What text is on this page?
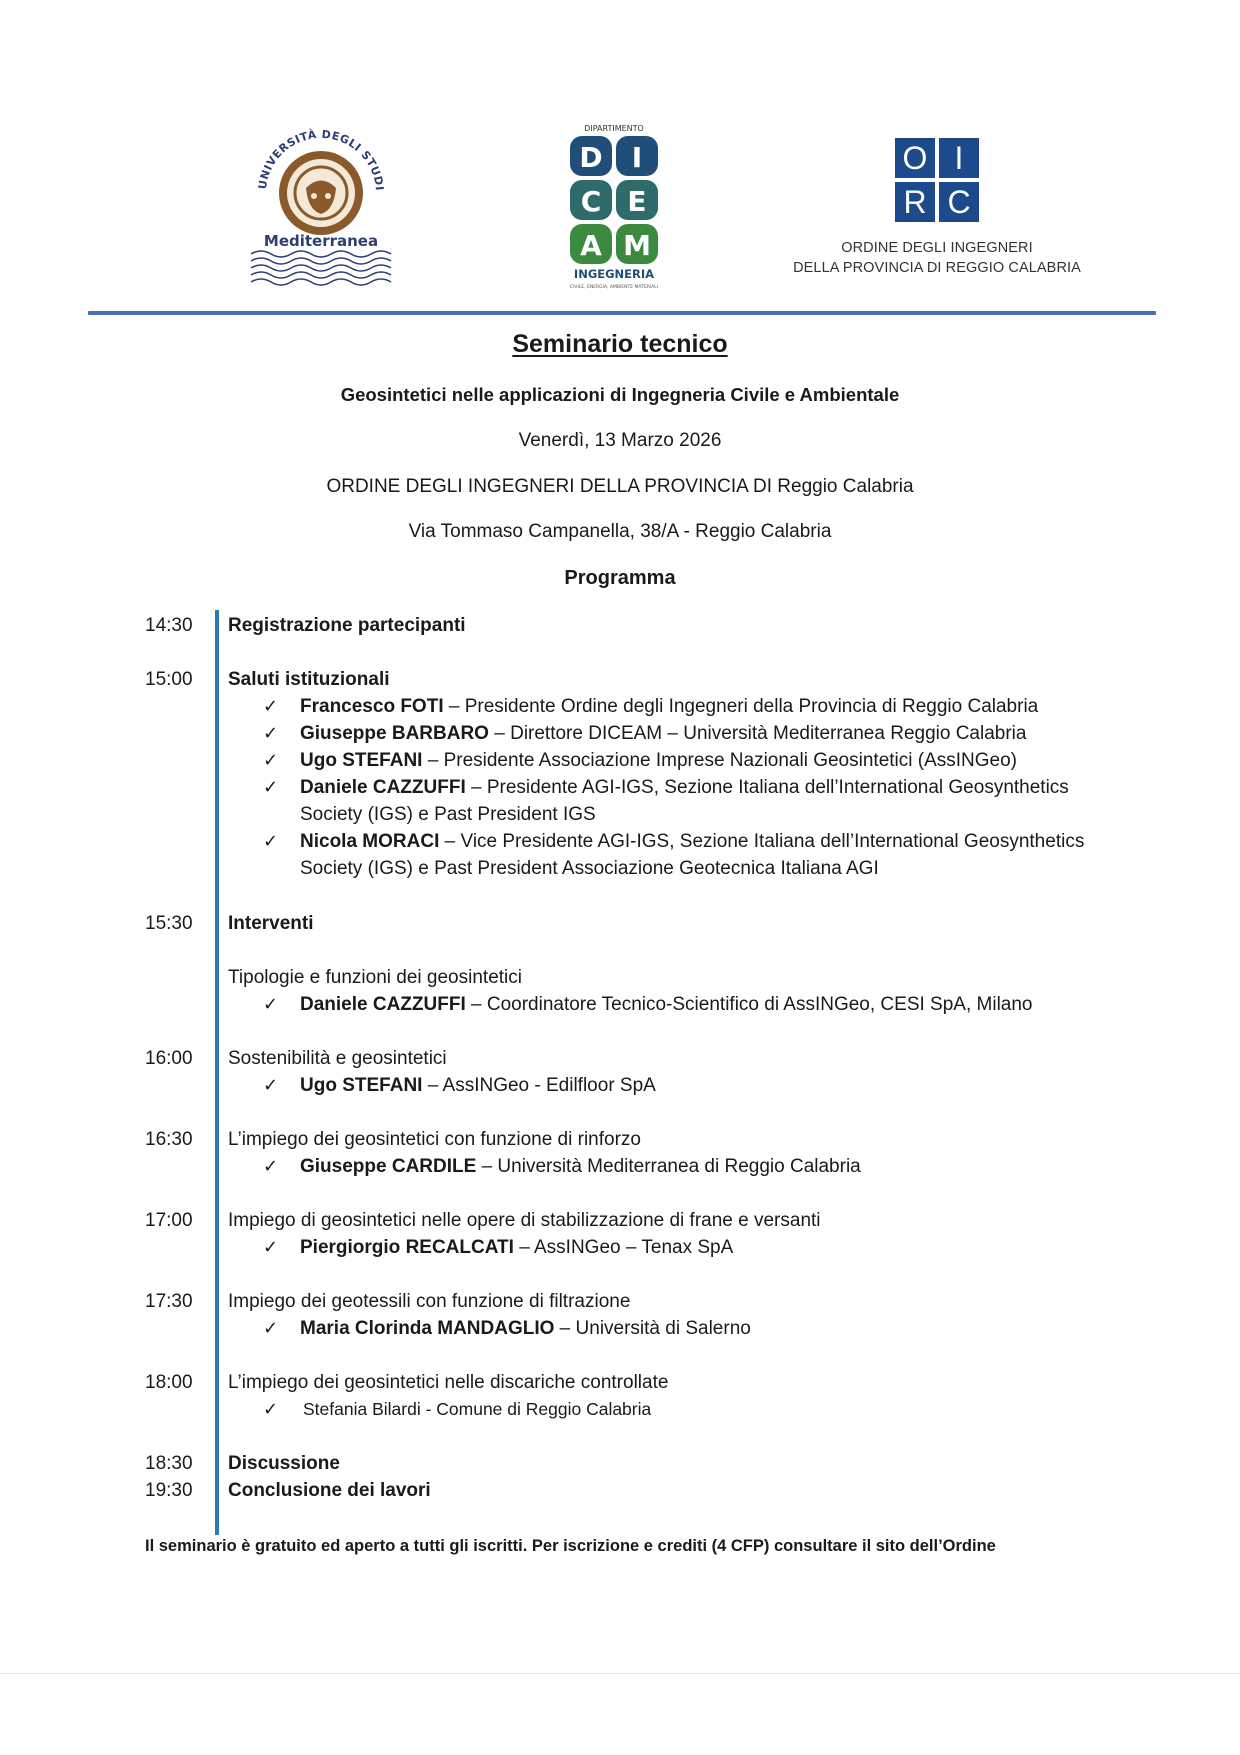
UNIVERSITÀ DEGLI STUDI
Mediterranea
DIPARTIMENTO
D I
C E
A M
INGEGNERIA
CIVILE, ENERGIA, AMBIENTE MATERIALI
O I
R C
ORDINE DEGLI INGEGNERI
DELLA PROVINCIA DI REGGIO CALABRIA
Seminario tecnico
Geosintetici nelle applicazioni di Ingegneria Civile e Ambientale
Venerdì, 13 Marzo 2026
ORDINE DEGLI INGEGNERI DELLA PROVINCIA DI Reggio Calabria
Via Tommaso Campanella, 38/A - Reggio Calabria
Programma
14:30	Registrazione partecipanti
15:00	Saluti istituzionali
✓	Francesco FOTI – Presidente Ordine degli Ingegneri della Provincia di Reggio Calabria
✓	Giuseppe BARBARO – Direttore DICEAM – Università Mediterranea Reggio Calabria
✓	Ugo STEFANI – Presidente Associazione Imprese Nazionali Geosintetici (AssINGeo)
✓	Daniele CAZZUFFI – Presidente AGI-IGS, Sezione Italiana dell’International Geosynthetics
Society (IGS) e Past President IGS
✓	Nicola MORACI – Vice Presidente AGI-IGS, Sezione Italiana dell’International Geosynthetics
Society (IGS) e Past President Associazione Geotecnica Italiana AGI
15:30	Interventi
Tipologie e funzioni dei geosintetici
✓	Daniele CAZZUFFI – Coordinatore Tecnico-Scientifico di AssINGeo, CESI SpA, Milano
16:00	Sostenibilità e geosintetici
✓	Ugo STEFANI – AssINGeo - Edilfloor SpA
16:30	L’impiego dei geosintetici con funzione di rinforzo
✓	Giuseppe CARDILE – Università Mediterranea di Reggio Calabria
17:00	Impiego di geosintetici nelle opere di stabilizzazione di frane e versanti
✓	Piergiorgio RECALCATI – AssINGeo – Tenax SpA
17:30	Impiego dei geotessili con funzione di filtrazione
✓	Maria Clorinda MANDAGLIO – Università di Salerno
18:00	L’impiego dei geosintetici nelle discariche controllate
✓	Stefania Bilardi - Comune di Reggio Calabria
18:30	Discussione
19:30	Conclusione dei lavori
Il seminario è gratuito ed aperto a tutti gli iscritti. Per iscrizione e crediti (4 CFP) consultare il sito dell’Ordine
